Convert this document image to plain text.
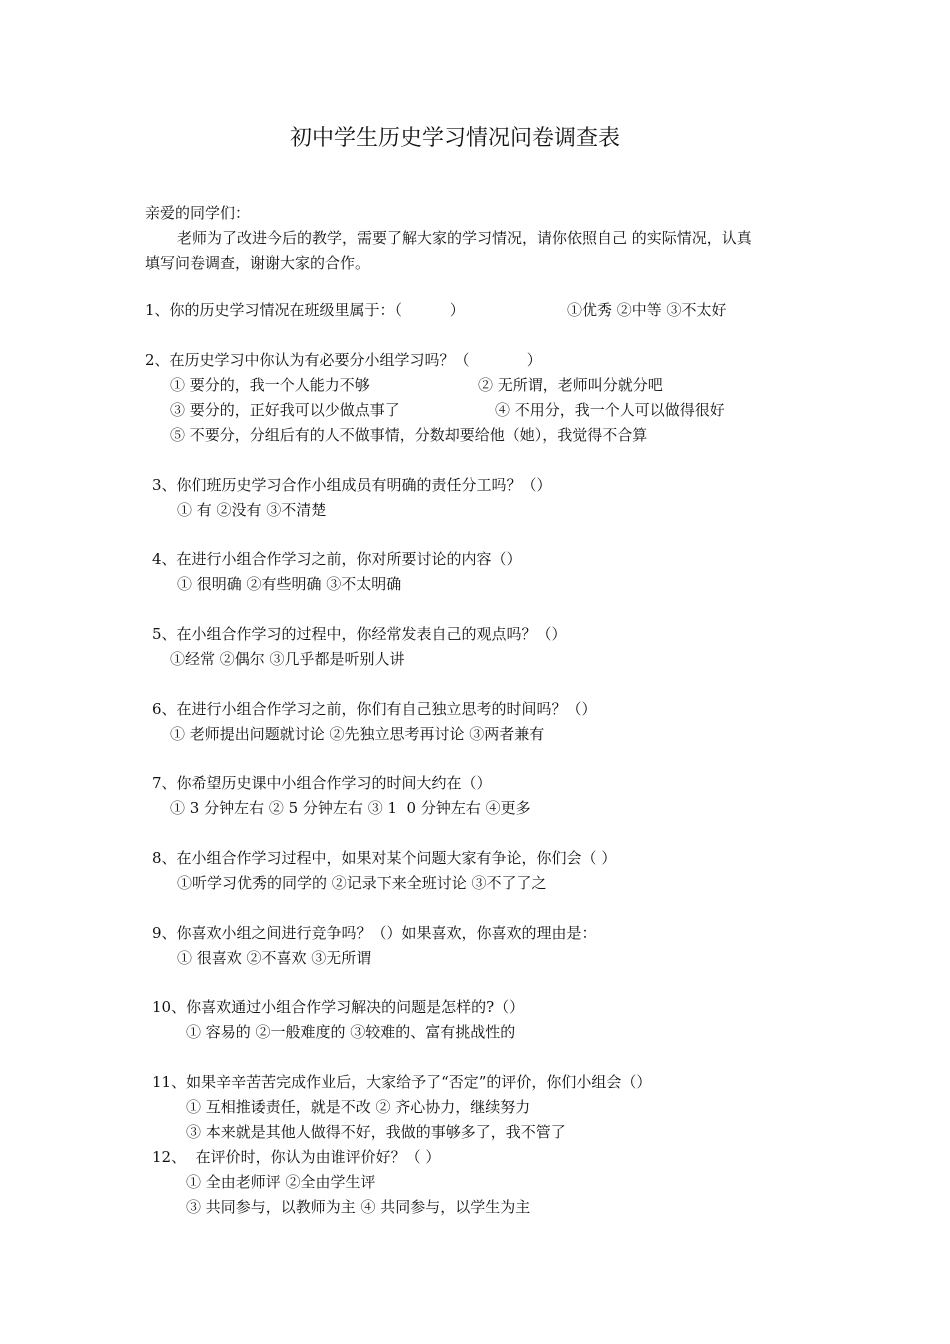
初中学生历史学习情况问卷调查表
亲爱的同学们：
老师为了改进今后的教学，需要了解大家的学习情况，请你依照自己 的实际情况，认真
填写问卷调查，谢谢大家的合作。
1、你的历史学习情况在班级里属于：（          ）	①优秀 ②中等 ③不太好
2、在历史学习中你认为有必要分小组学习吗？（            ）
① 要分的，我一个人能力不够	② 无所谓，老师叫分就分吧
③ 要分的，正好我可以少做点事了	④ 不用分，我一个人可以做得很好
⑤ 不要分，分组后有的人不做事情，分数却要给他（她），我觉得不合算
3、你们班历史学习合作小组成员有明确的责任分工吗？（）
① 有 ②没有 ③不清楚
4、在进行小组合作学习之前，你对所要讨论的内容（）
① 很明确 ②有些明确 ③不太明确
5、在小组合作学习的过程中，你经常发表自己的观点吗？（）
①经常 ②偶尔 ③几乎都是听别人讲
6、在进行小组合作学习之前，你们有自己独立思考的时间吗？（）
① 老师提出问题就讨论 ②先独立思考再讨论 ③两者兼有
7、你希望历史课中小组合作学习的时间大约在（）
① 3 分钟左右 ② 5 分钟左右 ③ 1  0 分钟左右 ④更多
8、在小组合作学习过程中，如果对某个问题大家有争论，你们会（ ）
①听学习优秀的同学的 ②记录下来全班讨论 ③不了了之
9、你喜欢小组之间进行竞争吗？（）如果喜欢，你喜欢的理由是：
① 很喜欢 ②不喜欢 ③无所谓
10、你喜欢通过小组合作学习解决的问题是怎样的?（）
① 容易的 ②一般难度的 ③较难的、富有挑战性的
11、如果辛辛苦苦完成作业后，大家给予了“否定”的评价，你们小组会（）
① 互相推诿责任，就是不改 ② 齐心协力，继续努力
③ 本来就是其他人做得不好，我做的事够多了，我不管了
12、  在评价时，你认为由谁评价好？（ ）
① 全由老师评 ②全由学生评
③ 共同参与，以教师为主 ④ 共同参与，以学生为主
